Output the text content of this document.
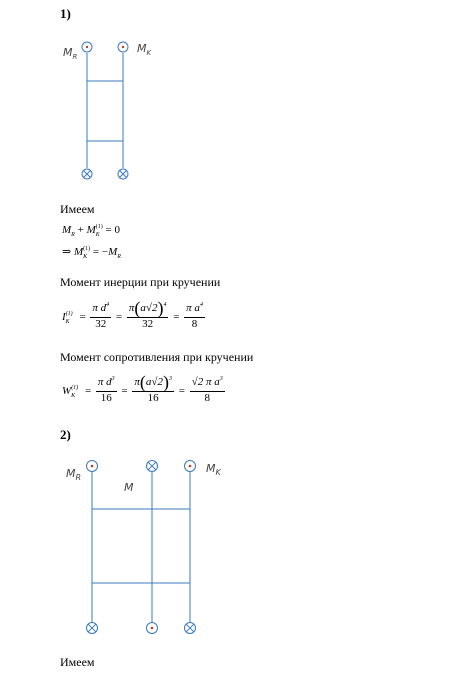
1)
$M_R$
$M_K$
$M_R$
M
$M_K$
Имеем
$M_R + M_K^{(1)} = 0$
⇒ $M_K^{(1)} = -M_R$
Момент инерции при кручении
$I_K^{(1)} = \frac{\pi d^4}{32} = \frac{\pi(a√2)^4}{32} = \frac{\pi a^4}{8}$
Момент сопротивления при кручении
$W_K^{(1)} = \frac{\pi d^3}{16} = \frac{\pi(a√2)^3}{16} = \frac{√2 \pi a^3}{8}$
2)
Имеем
